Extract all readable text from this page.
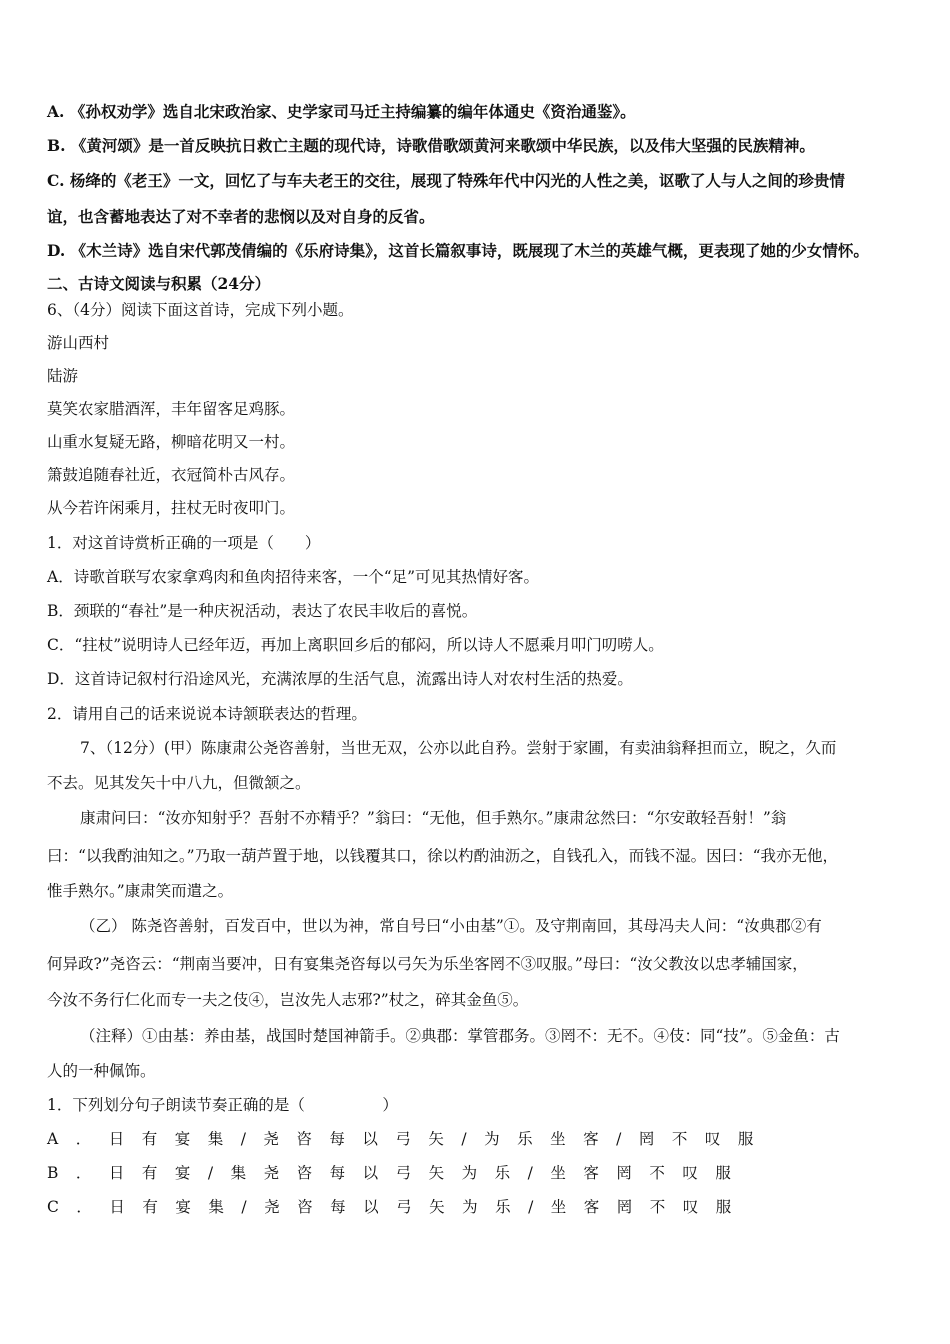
A. 《孙权劝学》选自北宋政治家、史学家司马迁主持编纂的编年体通史《资治通鉴》。
B. 《黄河颂》是一首反映抗日救亡主题的现代诗，诗歌借歌颂黄河来歌颂中华民族，以及伟大坚强的民族精神。
C. 杨绛的《老王》一文，回忆了与车夫老王的交往，展现了特殊年代中闪光的人性之美，讴歌了人与人之间的珍贵情
谊，也含蓄地表达了对不幸者的悲悯以及对自身的反省。
D. 《木兰诗》选自宋代郭茂倩编的《乐府诗集》，这首长篇叙事诗，既展现了木兰的英雄气概，更表现了她的少女情怀。
二、古诗文阅读与积累（24分）
6、（4分）阅读下面这首诗，完成下列小题。
游山西村
陆游
莫笑农家腊酒浑，丰年留客足鸡豚。
山重水复疑无路，柳暗花明又一村。
箫鼓追随春社近，衣冠简朴古风存。
从今若许闲乘月，拄杖无时夜叩门。
1．对这首诗赏析正确的一项是（　　）
A．诗歌首联写农家拿鸡肉和鱼肉招待来客，一个“足”可见其热情好客。
B．颈联的“春社”是一种庆祝活动，表达了农民丰收后的喜悦。
C．“拄杖”说明诗人已经年迈，再加上离职回乡后的郁闷，所以诗人不愿乘月叩门叨唠人。
D．这首诗记叙村行沿途风光，充满浓厚的生活气息，流露出诗人对农村生活的热爱。
2．请用自己的话来说说本诗颔联表达的哲理。
7、（12分）(甲）陈康肃公尧咨善射，当世无双，公亦以此自矜。尝射于家圃，有卖油翁释担而立，睨之，久而
不去。见其发矢十中八九，但微颔之。
康肃问曰：“汝亦知射乎？吾射不亦精乎？”翁曰：“无他，但手熟尔。”康肃忿然曰：“尔安敢轻吾射！”翁
曰：“以我酌油知之。”乃取一葫芦置于地，以钱覆其口，徐以杓酌油沥之，自钱孔入，而钱不湿。因曰：“我亦无他，
惟手熟尔。”康肃笑而遣之。
（乙） 陈尧咨善射，百发百中，世以为神，常自号曰“小由基”①。及守荆南回，其母冯夫人问：“汝典郡②有
何异政?”尧咨云：“荆南当要冲，日有宴集尧咨每以弓矢为乐坐客罔不③叹服。”母曰：“汝父教汝以忠孝辅国家，
今汝不务行仁化而专一夫之伎④，岂汝先人志邪?”杖之，碎其金鱼⑤。
（注释）①由基：养由基，战国时楚国神箭手。②典郡：掌管郡务。③罔不：无不。④伎：同“技”。⑤金鱼：古
人的一种佩饰。
1．下列划分句子朗读节奏正确的是（　　　　　）
A．日有宴集/尧咨每以弓矢/为乐坐客/罔不叹服
B．日有宴/集尧咨每以弓矢为乐/坐客罔不叹服
C．日有宴集/尧咨每以弓矢为乐/坐客罔不叹服
